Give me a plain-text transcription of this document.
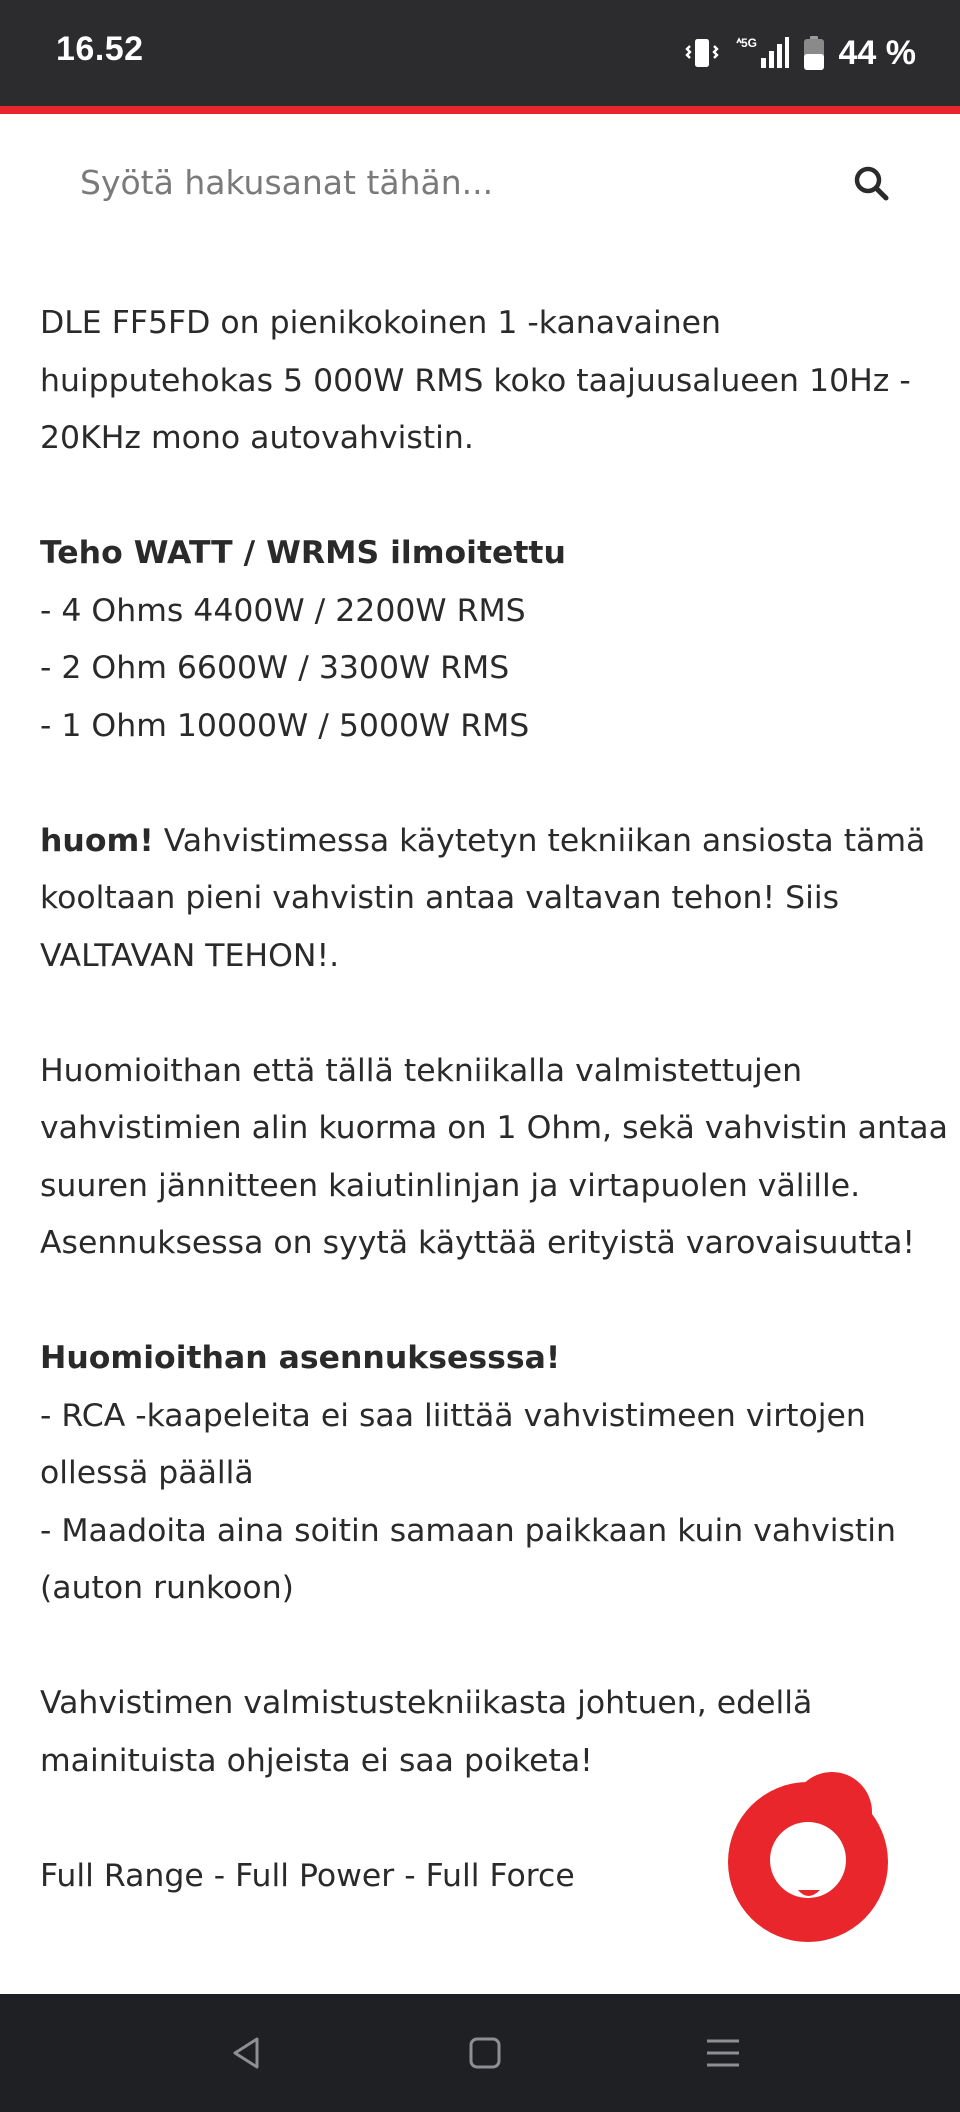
16.52	5G 44 %
Syötä hakusanat tähän...
DLE FF5FD on pienikokoinen 1 -kanavainen
huipputehokas 5 000W RMS koko taajuusalueen 10Hz -
20KHz mono autovahvistin.
Teho WATT / WRMS ilmoitettu
- 4 Ohms 4400W / 2200W RMS
- 2 Ohm 6600W / 3300W RMS
- 1 Ohm 10000W / 5000W RMS
huom! Vahvistimessa käytetyn tekniikan ansiosta tämä
kooltaan pieni vahvistin antaa valtavan tehon! Siis
VALTAVAN TEHON!.
Huomioithan että tällä tekniikalla valmistettujen
vahvistimien alin kuorma on 1 Ohm, sekä vahvistin antaa
suuren jännitteen kaiutinlinjan ja virtapuolen välille.
Asennuksessa on syytä käyttää erityistä varovaisuutta!
Huomioithan asennuksesssa!
- RCA -kaapeleita ei saa liittää vahvistimeen virtojen
ollessä päällä
- Maadoita aina soitin samaan paikkaan kuin vahvistin
(auton runkoon)
Vahvistimen valmistustekniikasta johtuen, edellä
mainituista ohjeista ei saa poiketa!
Full Range - Full Power - Full Force
